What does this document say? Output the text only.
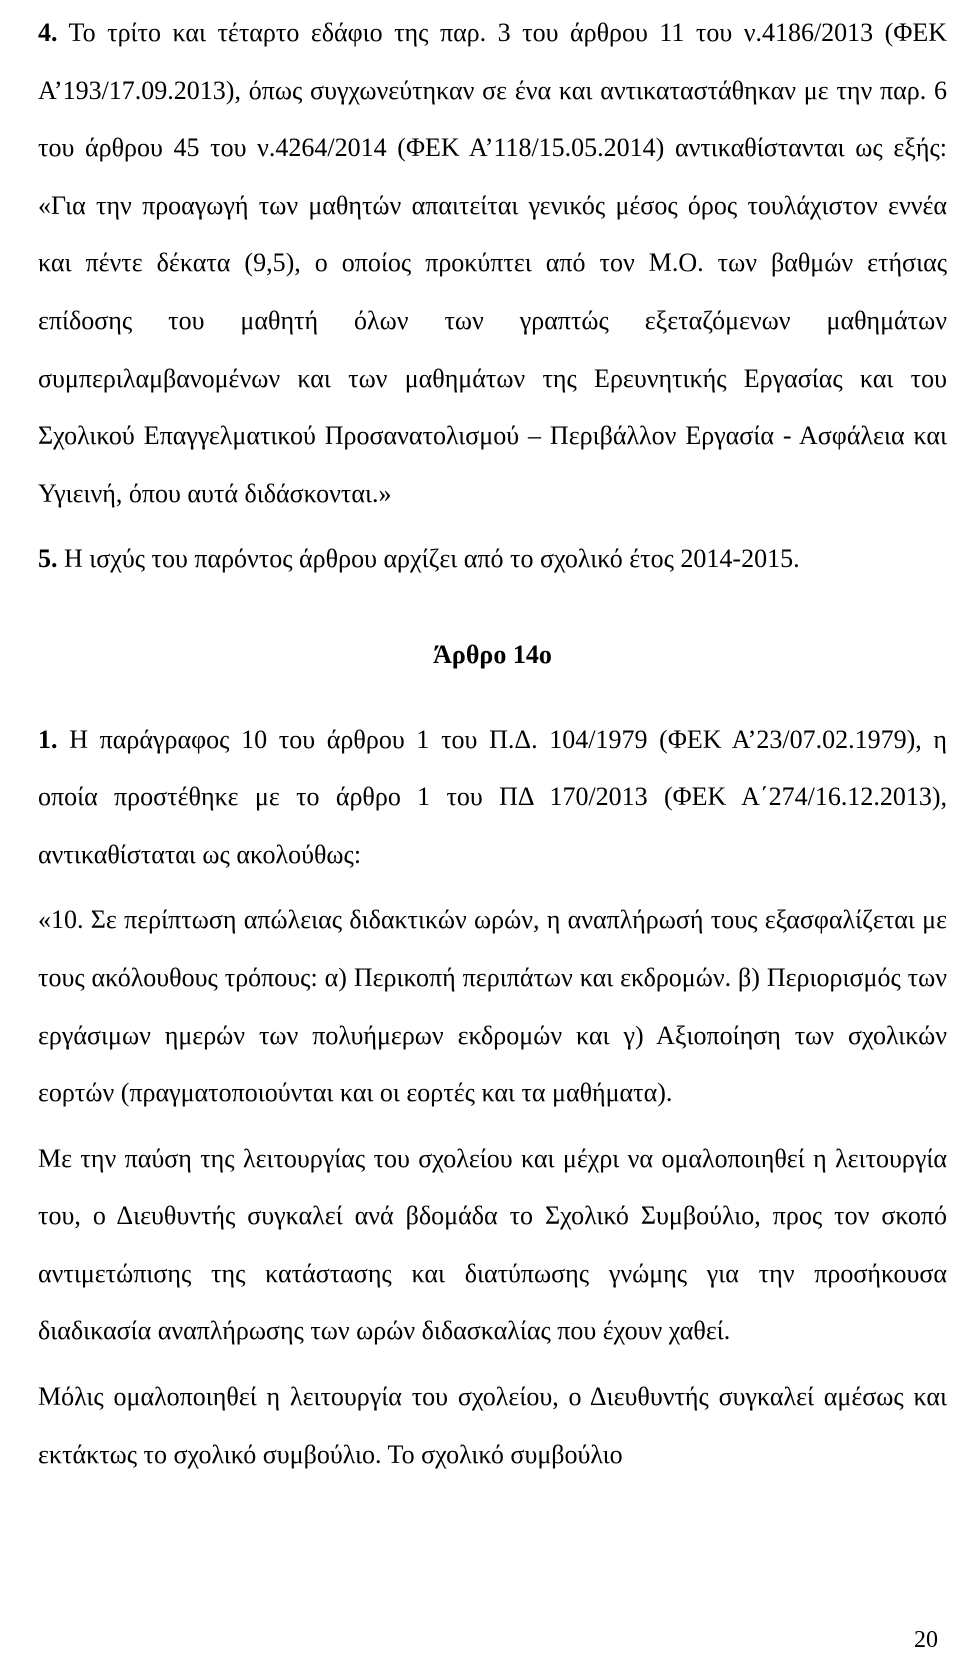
4. Το τρίτο και τέταρτο εδάφιο της παρ. 3 του άρθρου 11 του ν.4186/2013 (ΦΕΚ Α’193/17.09.2013), όπως συγχωνεύτηκαν σε ένα και αντικαταστάθηκαν με την παρ. 6 του άρθρου 45 του ν.4264/2014 (ΦΕΚ Α’118/15.05.2014) αντικαθίστανται ως εξής: «Για την προαγωγή των μαθητών απαιτείται γενικός μέσος όρος τουλάχιστον εννέα και πέντε δέκατα (9,5), ο οποίος προκύπτει από τον Μ.Ο. των βαθμών ετήσιας επίδοσης του μαθητή όλων των γραπτώς εξεταζόμενων μαθημάτων συμπεριλαμβανομένων και των μαθημάτων της Ερευνητικής Εργασίας και του Σχολικού Επαγγελματικού Προσανατολισμού – Περιβάλλον Εργασία - Ασφάλεια και Υγιεινή, όπου αυτά διδάσκονται.»

5. Η ισχύς του παρόντος άρθρου αρχίζει από το σχολικό έτος 2014-2015.

Άρθρο 14ο

1. Η παράγραφος 10 του άρθρου 1 του Π.Δ. 104/1979 (ΦΕΚ Α’23/07.02.1979), η οποία προστέθηκε με το άρθρο 1 του ΠΔ 170/2013 (ΦΕΚ Α΄274/16.12.2013), αντικαθίσταται ως ακολούθως:

«10. Σε περίπτωση απώλειας διδακτικών ωρών, η αναπλήρωσή τους εξασφαλίζεται με τους ακόλουθους τρόπους: α) Περικοπή περιπάτων και εκδρομών. β) Περιορισμός των εργάσιμων ημερών των πολυήμερων εκδρομών και γ) Αξιοποίηση των σχολικών εορτών (πραγματοποιούνται και οι εορτές και τα μαθήματα).

Με την παύση της λειτουργίας του σχολείου και μέχρι να ομαλοποιηθεί η λειτουργία του, ο Διευθυντής συγκαλεί ανά βδομάδα το Σχολικό Συμβούλιο, προς τον σκοπό αντιμετώπισης της κατάστασης και διατύπωσης γνώμης για την προσήκουσα διαδικασία αναπλήρωσης των ωρών διδασκαλίας που έχουν χαθεί.

Μόλις ομαλοποιηθεί η λειτουργία του σχολείου, ο Διευθυντής συγκαλεί αμέσως και εκτάκτως το σχολικό συμβούλιο. Το σχολικό συμβούλιο

20
